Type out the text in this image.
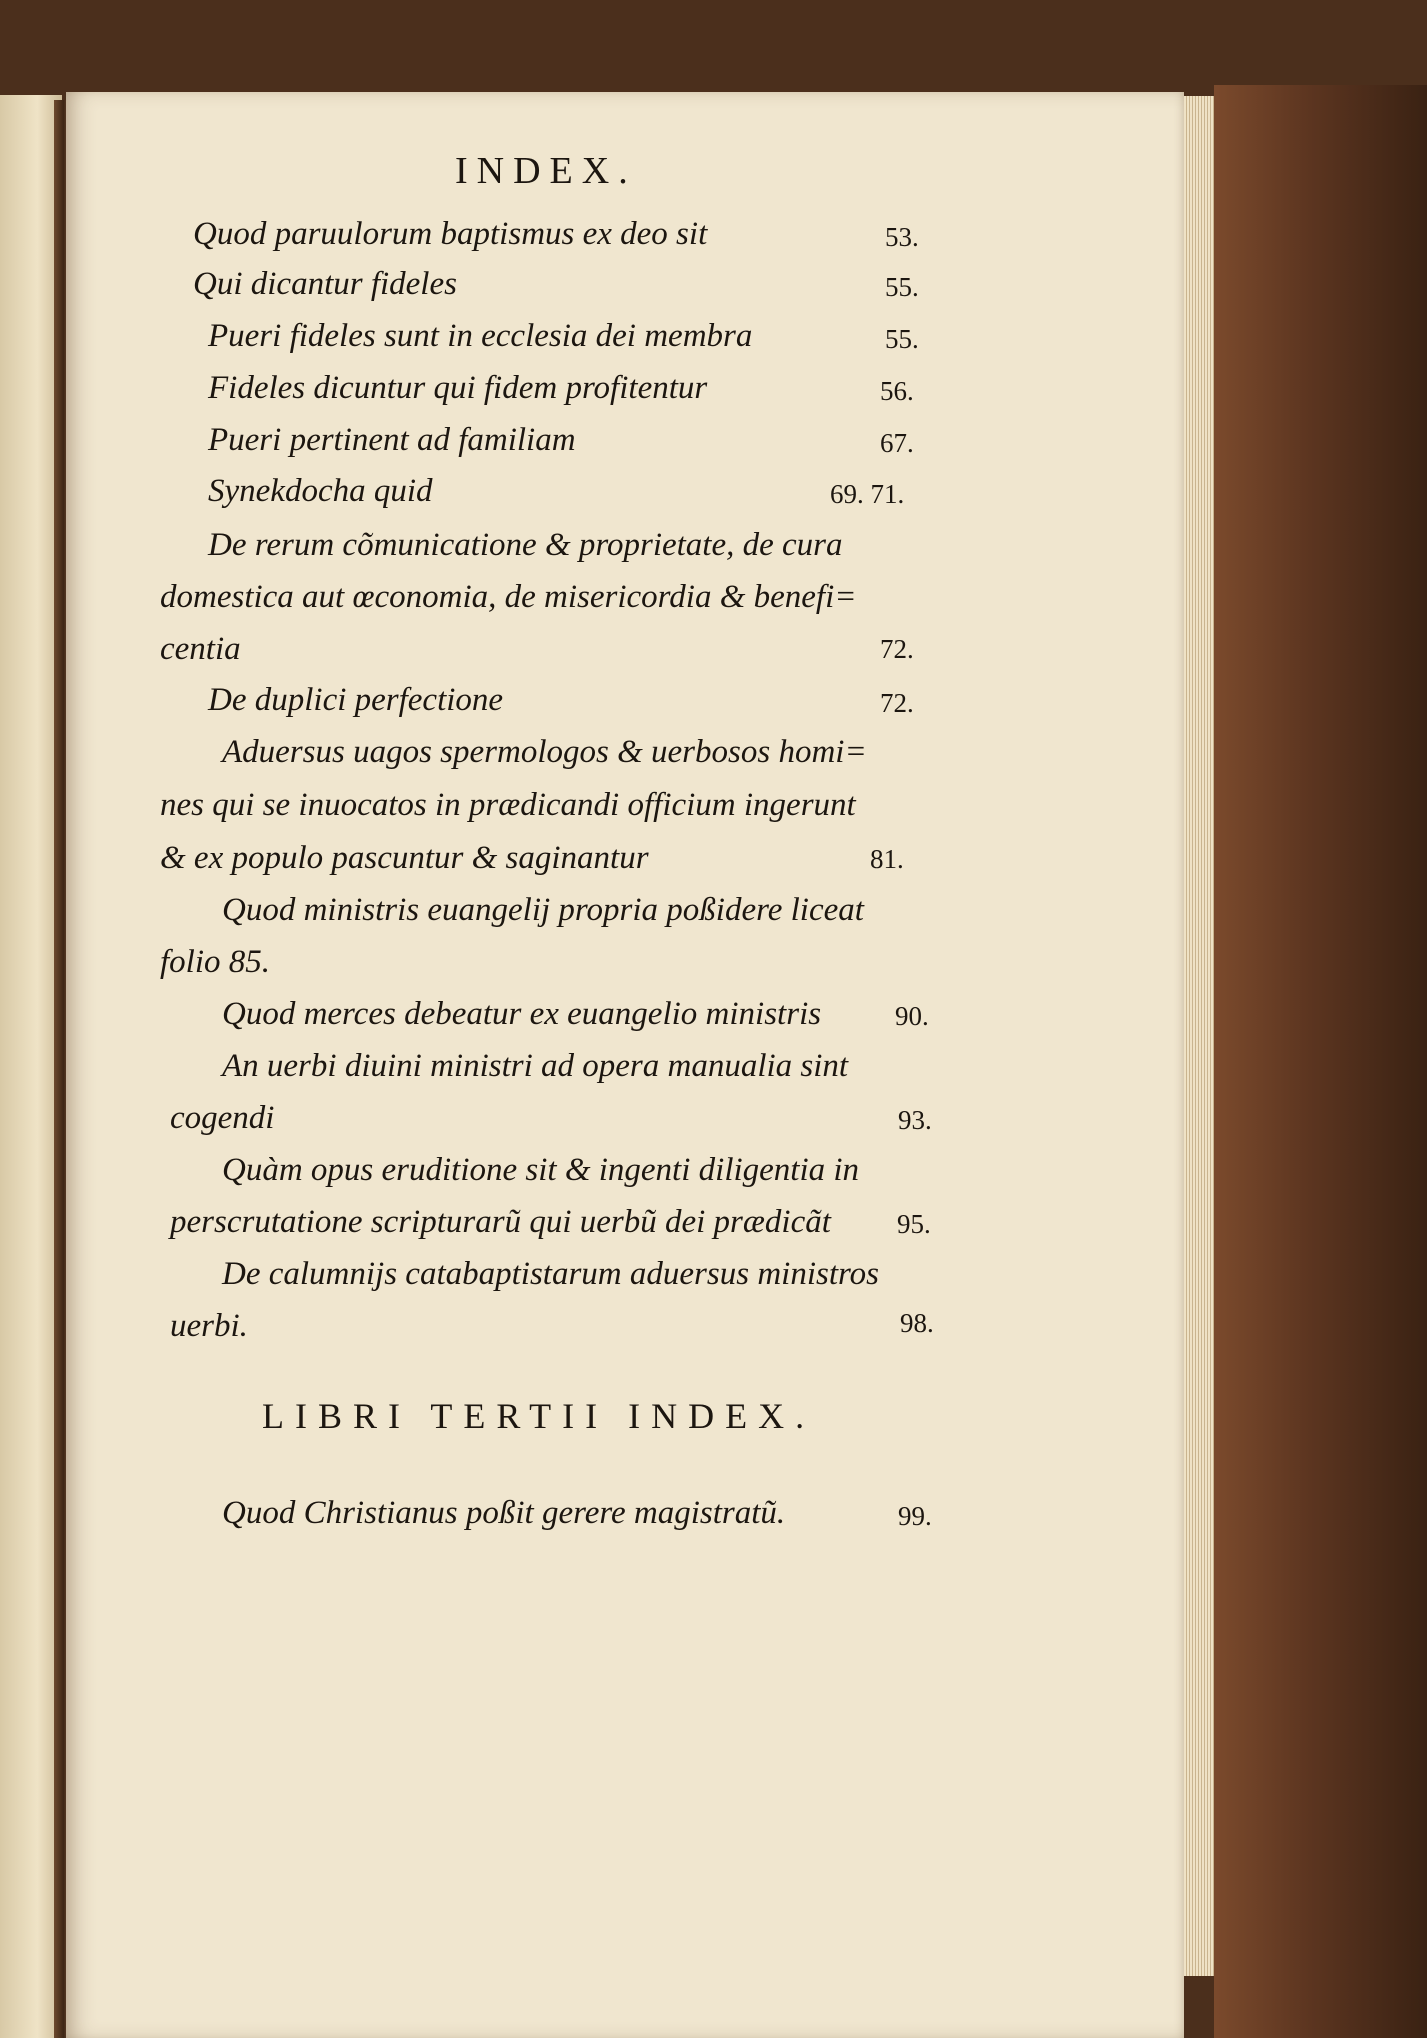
INDEX.
Quod paruulorum baptismus ex deo sit	53.
Qui dicantur fideles	55.
Pueri fideles sunt in ecclesia dei membra	55.
Fideles dicuntur qui fidem profitentur	56.
Pueri pertinent ad familiam	67.
Synekdocha quid	69. 71.
De rerum cõmunicatione & proprietate, de cura
domestica aut œconomia, de misericordia & benefi=
centia	72.
De duplici perfectione	72.
Aduersus uagos spermologos & uerbosos homi=
nes qui se inuocatos in prædicandi officium ingerunt
& ex populo pascuntur & saginantur	81.
Quod ministris euangelij propria poßidere liceat
folio 85.
Quod merces debeatur ex euangelio ministris	90.
An uerbi diuini ministri ad opera manualia sint
cogendi	93.
Quàm opus eruditione sit & ingenti diligentia in
perscrutatione scripturarũ qui uerbũ dei prædicãt 95.
De calumnijs catabaptistarum aduersus ministros
uerbi.	98.
LIBRI TERTII INDEX.
Quod Christianus poßit gerere magistratũ.	99.
